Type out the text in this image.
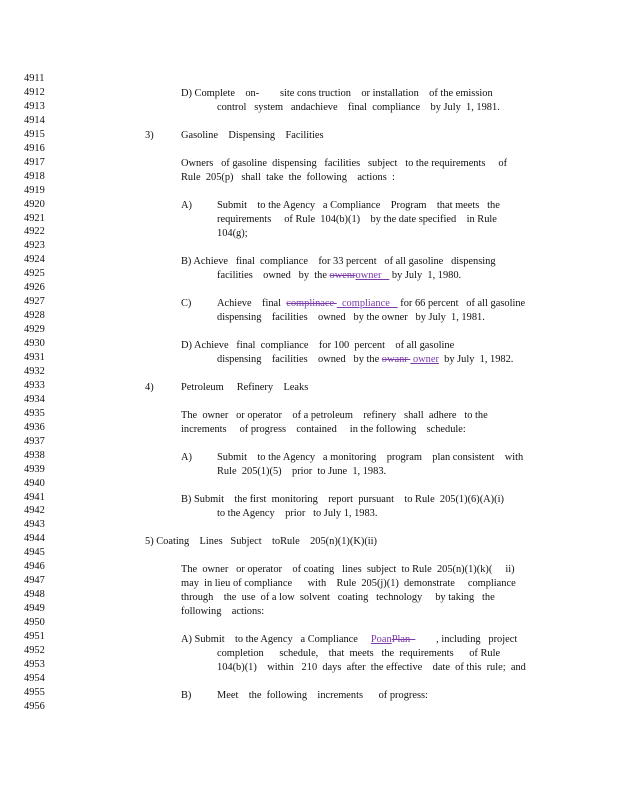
4911
4912
4913
4914
4915
4916
4917
4918
4919
4920
4921
4922
4923
4924
4925
4926
4927
4928
4929
4930
4931
4932
4933
4934
4935
4936
4937
4938
4939
4940
4941
4942
4943
4944
4945
4946
4947
4948
4949
4950
4951
4952
4953
4954
4955
4956
D) Complete    on-        site cons truction    or installation    of the emission
control   system   andachieve    final  compliance    by July  1, 1981.
3)	Gasoline    Dispensing    Facilities
Owners   of gasoline  dispensing   facilities   subject   to the requirements     of
Rule  205(p)   shall  take  the  following    actions  :
A) Submit    to the Agency   a Compliance    Program    that meets   the
requirements     of Rule  104(b)(1)    by the date specified    in Rule
104(g);
B) Achieve   final  compliance    for 33 percent   of all gasoline   dispensing
facilities    owned   by  the owenrowner    by July  1, 1980.
C) Achieve    final  complinace   compliance    for 66 percent   of all gasoline
dispensing    facilities    owned   by the owner   by July  1, 1981.
D) Achieve   final  compliance    for 100  percent    of all gasoline
dispensing    facilities    owned   by the owanr  owner  by July  1, 1982.
4)	Petroleum     Refinery    Leaks
The  owner   or operator    of a petroleum    refinery   shall  adhere   to the
increments     of progress    contained     in the following    schedule:
A) Submit    to the Agency   a monitoring    program    plan consistent    with
Rule  205(1)(5)    prior  to June  1, 1983.
B) Submit    the first  monitoring    report  pursuant    to Rule  205(1)(6)(A)(i)
to the Agency    prior   to July 1, 1983.
5) Coating    Lines   Subject    toRule    205(n)(1)(K)(ii)
The  owner   or operator    of coating   lines  subject  to Rule  205(n)(1)(k)(     ii)
may  in lieu of compliance      with    Rule  205(j)(1)  demonstrate     compliance
through    the  use  of a low  solvent   coating   technology     by taking   the
following    actions:
A) Submit    to the Agency   a Compliance     PoanPlan          , including   project
completion      schedule,    that  meets   the  requirements      of Rule
104(b)(1)    within   210  days  after  the effective    date  of this  rule;  and
B) Meet    the  following    increments      of progress:
